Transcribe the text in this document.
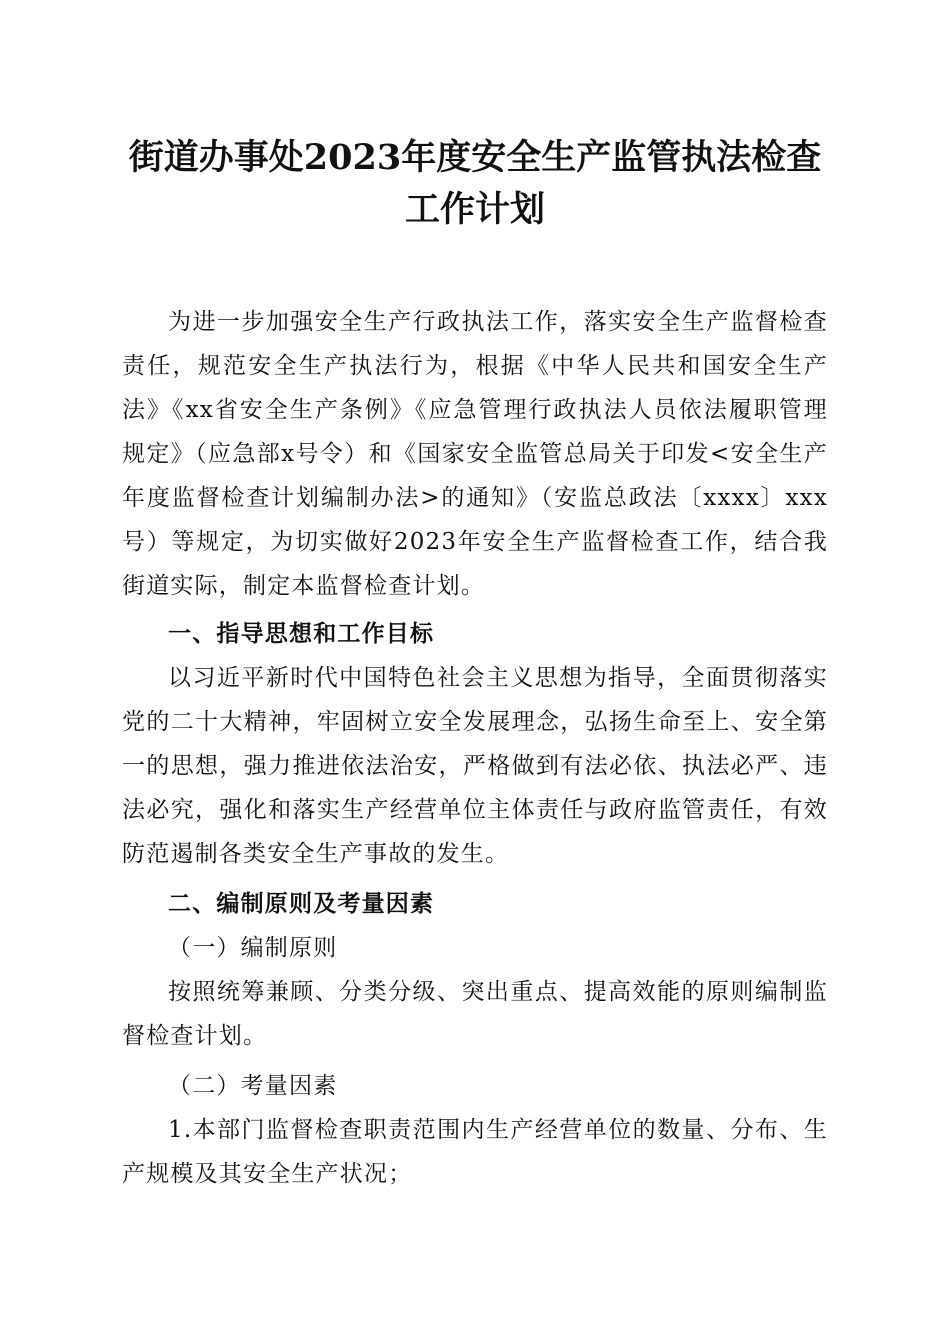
街道办事处2023年度安全生产监管执法检查
工作计划

为进一步加强安全生产行政执法工作，落实安全生产监督检查责任，规范安全生产执法行为，根据《中华人民共和国安全生产法》《xx省安全生产条例》《应急管理行政执法人员依法履职管理规定》（应急部x号令）和《国家安全监管总局关于印发<安全生产年度监督检查计划编制办法>的通知》（安监总政法〔xxxx〕xxx号）等规定，为切实做好2023年安全生产监督检查工作，结合我街道实际，制定本监督检查计划。

一、指导思想和工作目标

以习近平新时代中国特色社会主义思想为指导，全面贯彻落实党的二十大精神，牢固树立安全发展理念，弘扬生命至上、安全第一的思想，强力推进依法治安，严格做到有法必依、执法必严、违法必究，强化和落实生产经营单位主体责任与政府监管责任，有效防范遏制各类安全生产事故的发生。

二、编制原则及考量因素

（一）编制原则

按照统筹兼顾、分类分级、突出重点、提高效能的原则编制监督检查计划。

（二）考量因素

1.本部门监督检查职责范围内生产经营单位的数量、分布、生产规模及其安全生产状况；
